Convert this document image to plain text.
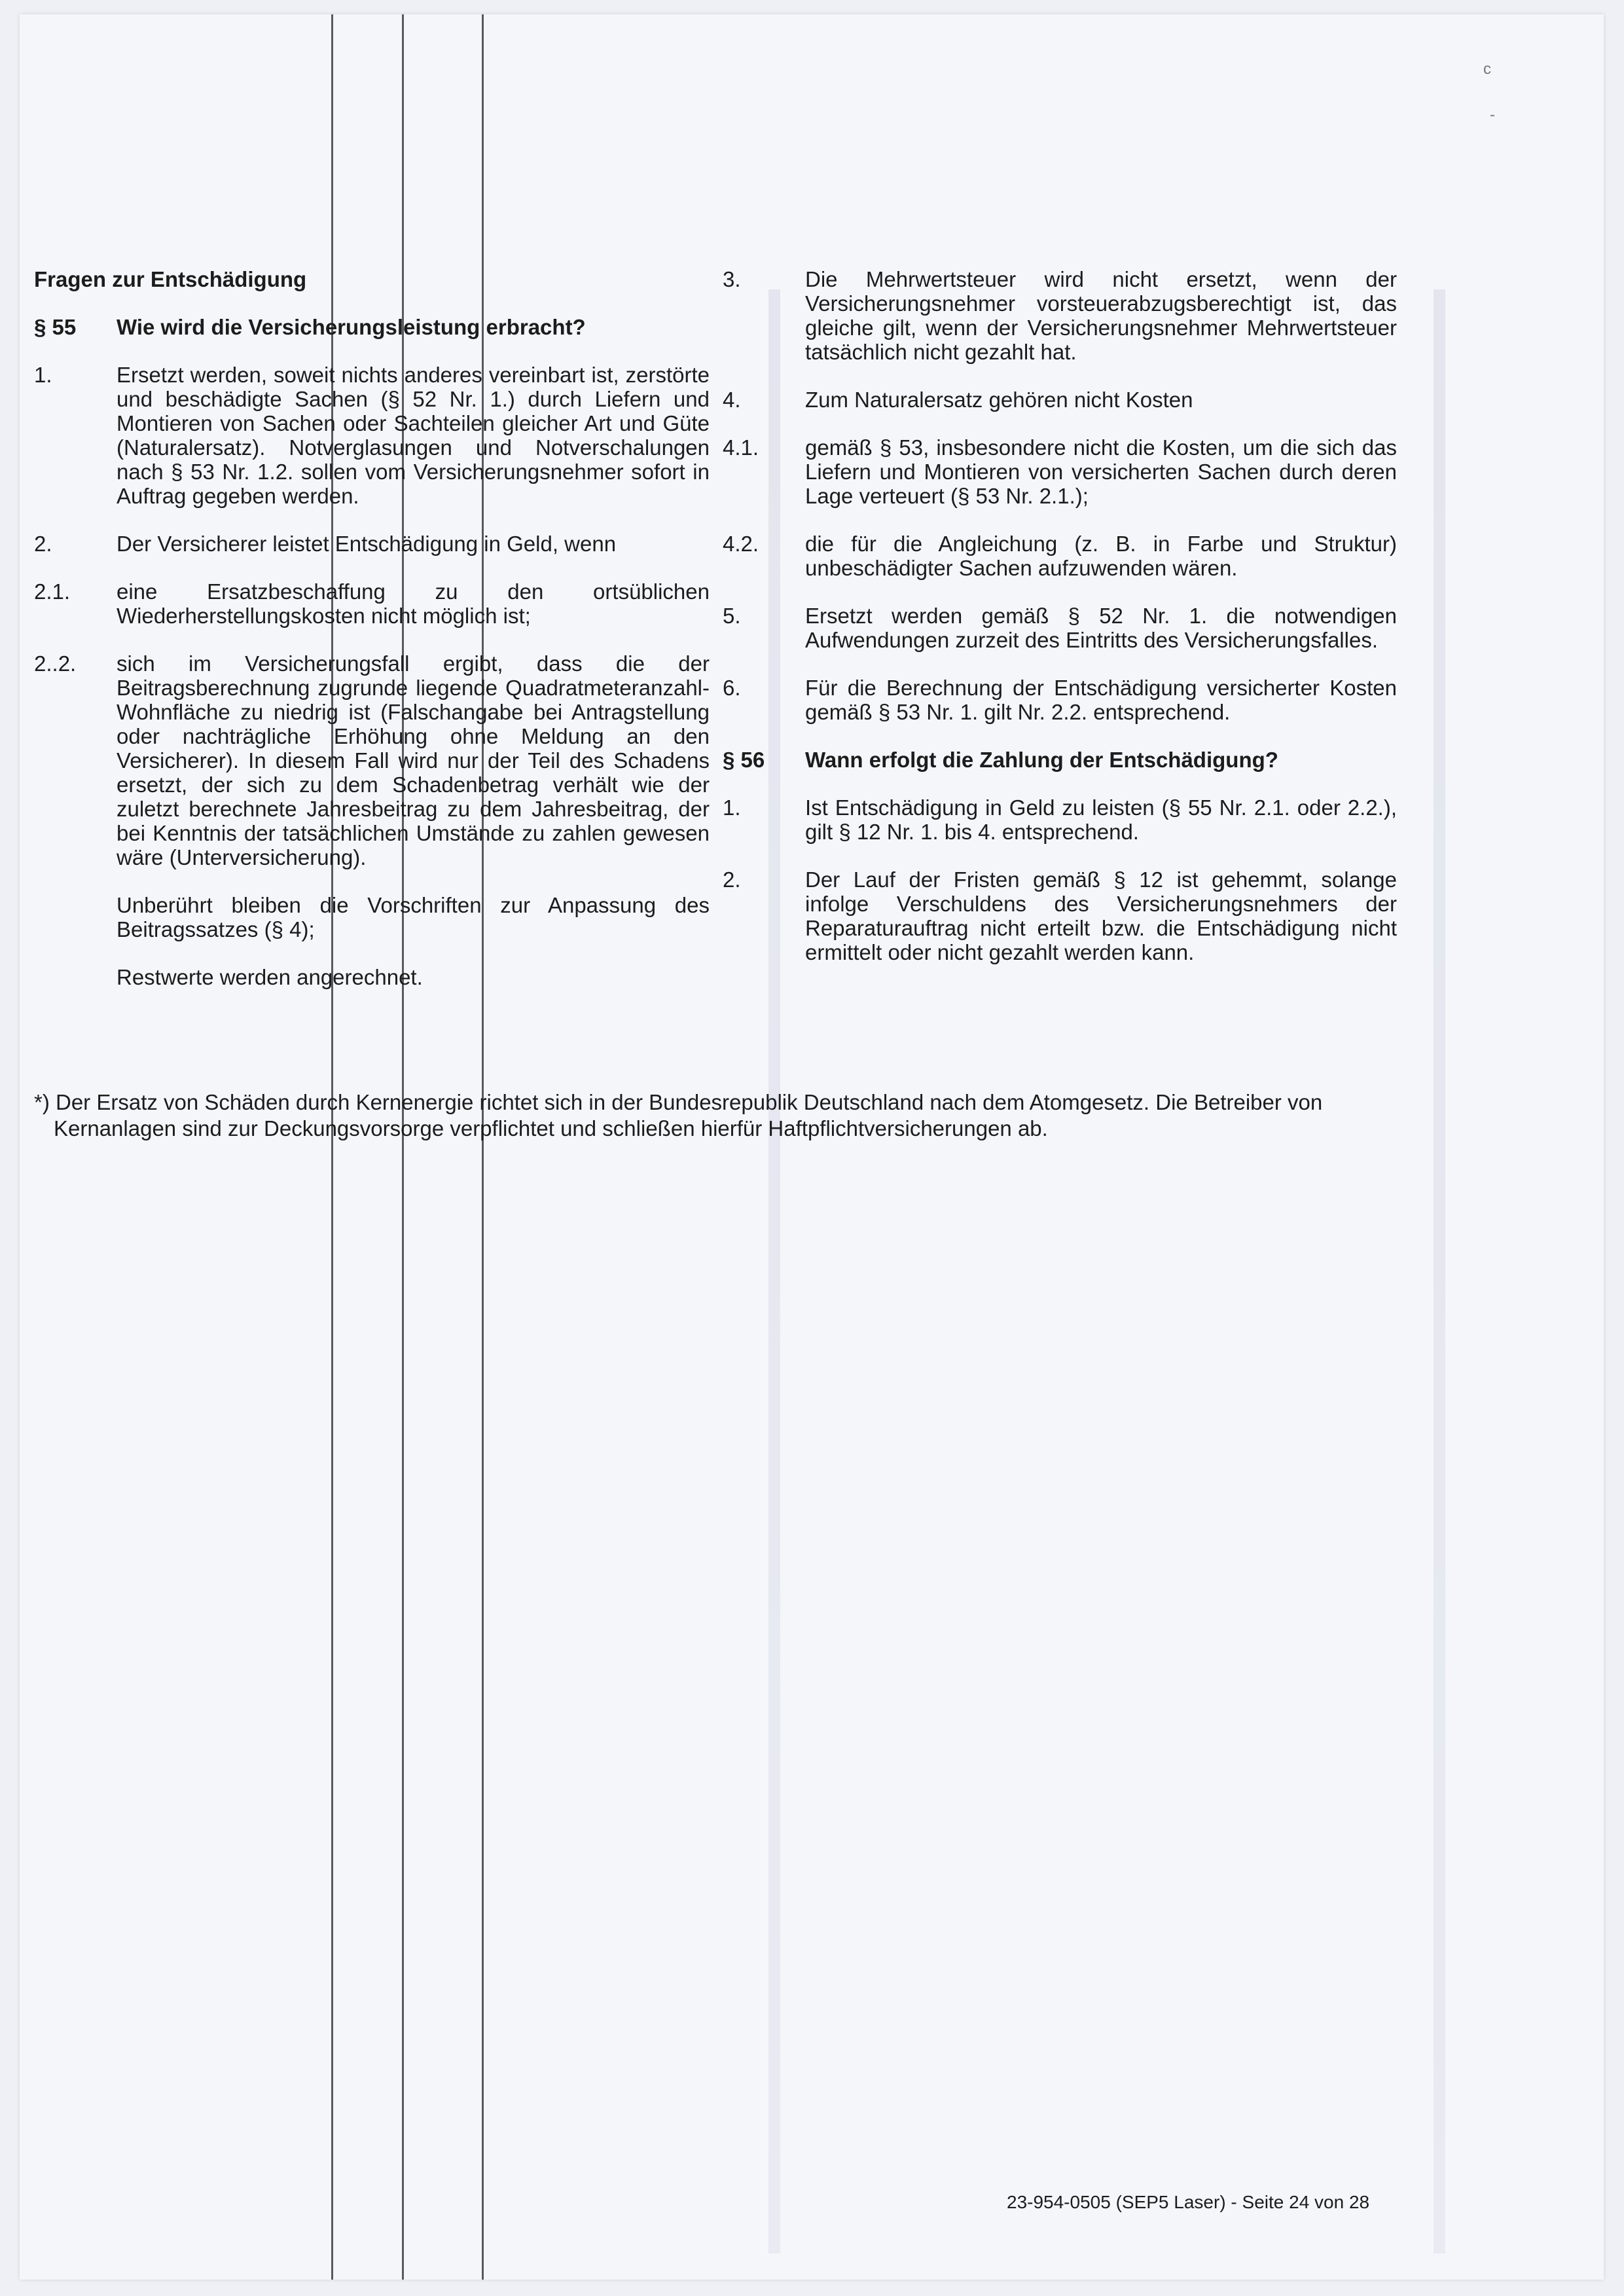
c
-
Fragen zur Entschädigung
§ 55	Wie wird die Versicherungsleistung erbracht?
1.	Ersetzt werden, soweit nichts anderes vereinbart ist, zerstörte und beschädigte Sachen (§ 52 Nr. 1.) durch Liefern und Montieren von Sachen oder Sachteilen gleicher Art und Güte (Naturalersatz). Notverglasungen und Notverschalungen nach § 53 Nr. 1.2. sollen vom Versicherungsnehmer sofort in Auftrag gegeben werden.
2.	Der Versicherer leistet Entschädigung in Geld, wenn
2.1.	eine Ersatzbeschaffung zu den ortsüblichen Wiederherstellungskosten nicht möglich ist;
2..2.	sich im Versicherungsfall ergibt, dass die der Beitragsberechnung zugrunde liegende Quadratmeteranzahl-Wohnfläche zu niedrig ist (Falschangabe bei Antragstellung oder nachträgliche Erhöhung ohne Meldung an den Versicherer). In diesem Fall wird nur der Teil des Schadens ersetzt, der sich zu dem Schadenbetrag verhält wie der zuletzt berechnete Jahresbeitrag zu dem Jahresbeitrag, der bei Kenntnis der tatsächlichen Umstände zu zahlen gewesen wäre (Unterversicherung).
Unberührt bleiben die Vorschriften zur Anpassung des Beitragssatzes (§ 4);
Restwerte werden angerechnet.
3.	Die Mehrwertsteuer wird nicht ersetzt, wenn der Versicherungsnehmer vorsteuerabzugsberechtigt ist, das gleiche gilt, wenn der Versicherungsnehmer Mehrwertsteuer tatsächlich nicht gezahlt hat.
4.	Zum Naturalersatz gehören nicht Kosten
4.1.	gemäß § 53, insbesondere nicht die Kosten, um die sich das Liefern und Montieren von versicherten Sachen durch deren Lage verteuert (§ 53 Nr. 2.1.);
4.2.	die für die Angleichung (z. B. in Farbe und Struktur) unbeschädigter Sachen aufzuwenden wären.
5.	Ersetzt werden gemäß § 52 Nr. 1. die notwendigen Aufwendungen zurzeit des Eintritts des Versicherungsfalles.
6.	Für die Berechnung der Entschädigung versicherter Kosten gemäß § 53 Nr. 1. gilt Nr. 2.2. entsprechend.
§ 56	Wann erfolgt die Zahlung der Entschädigung?
1.	Ist Entschädigung in Geld zu leisten (§ 55 Nr. 2.1. oder 2.2.), gilt § 12 Nr. 1. bis 4. entsprechend.
2.	Der Lauf der Fristen gemäß § 12 ist gehemmt, solange infolge Verschuldens des Versicherungsnehmers der Reparaturauftrag nicht erteilt bzw. die Entschädigung nicht ermittelt oder nicht gezahlt werden kann.
*) Der Ersatz von Schäden durch Kernenergie richtet sich in der Bundesrepublik Deutschland nach dem Atomgesetz. Die Betreiber von Kernanlagen sind zur Deckungsvorsorge verpflichtet und schließen hierfür Haftpflichtversicherungen ab.
23-954-0505 (SEP5 Laser) - Seite 24 von 28
